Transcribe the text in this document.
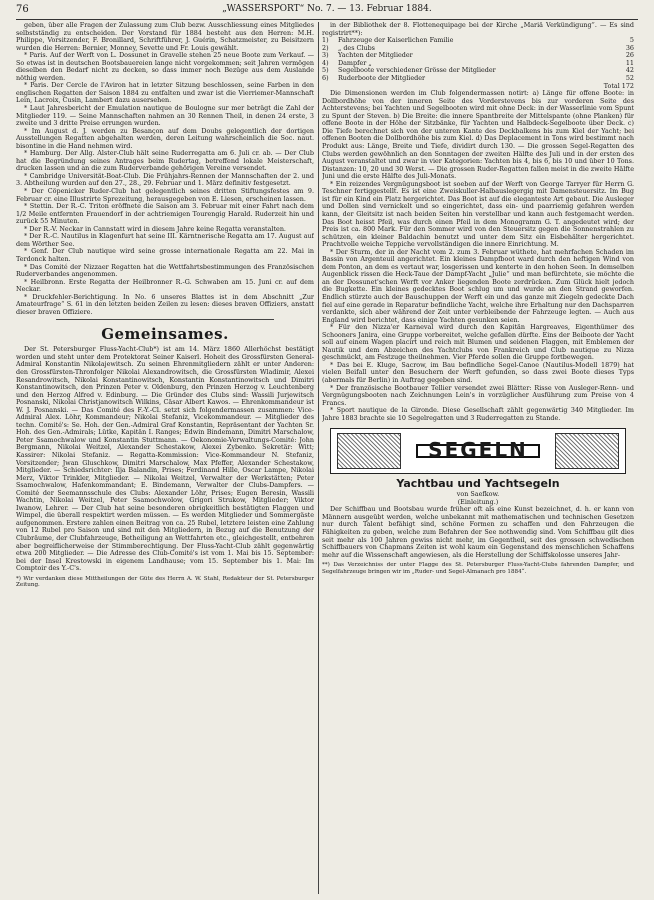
76	„WASSERSPORT“ No. 7. — 13. Februar 1884.

geben, über alle Fragen der Zulassung zum Club bezw. Ausschliessung eines Mitgliedes selbstständig zu entscheiden. Der Vorstand für 1884 besteht aus den Herren: M.H. Philippe, Vorsitzender, F. Bronillard, Schriftführer, J. Guérin, Schatzmeister, zu Beisitzern wurden die Herren: Bernier, Monney, Sevette und Fr. Louis gewählt.

* Paris. Auf der Werft von L. Dossunet in Gravelle stehen 25 neue Boote zum Verkauf. — So etwas ist in deutschen Bootsbauereien lange nicht vorgekommen; seit Jahren vermögen dieselben den Bedarf nicht zu decken, so dass immer noch Bezüge aus dem Auslande nöthig werden.

* Paris. Der Cercle de l'Aviron hat in letzter Sitzung beschlossen, seine Farben in den englischen Regatten der Saison 1884 zu entfalten und zwar ist die Vierriemer-Mannschaft Lein, Lacroix, Cusin, Lambert dazu ausersehen.

* Laut Jahresbericht der Emulation nautique de Boulogne sur mer beträgt die Zahl der Mitglieder 119. — Seine Mannschaften nahmen an 30 Rennen Theil, in denen 24 erste, 3 zweite und 3 dritte Preise errungen wurden.

* Im August d. J. werden zu Besançon auf dem Doubs gelegentlich der dortigen Ausstellungen Regatten abgehalten werden, deren Leitung wahrscheinlich die Soc. naut. bisontine in die Hand nehmen wird.

* Hamburg. Der Allg. Alster-Club hält seine Ruderregatta am 6. Juli cr. ab. — Der Club hat die Begründung seines Antrages beim Rudertag, betreffend lokale Meisterschaft, drucken lassen und an die zum Ruderverbande gehörigen Vereine versendet.

* Cambridge Universität-Boat-Club. Die Frühjahrs-Rennen der Mannschaften der 2. und 3. Abtheilung wurden auf den 27., 28., 29. Februar und 1. März definitiv festgesetzt.

* Der Cöpenicker Ruder-Club hat gelegentlich seines dritten Stiftungsfestes am 9. Februar cr. eine Illustrirte Sprezeitung, herausgegeben von E. Liesen, erscheinen lassen.

* Stettin. Der R.-C. Triton eröffnete die Saison am 3. Februar mit einer Fahrt nach dem 1/2 Meile entfernten Frauendorf in der achtriemigen Tourengig Harald. Ruderzeit hin und zurück 55 Minuten.

* Der R.-V. Neckar in Cannstatt wird in diesem Jahre keine Regatta veranstalten.

* Der R.-C. Nautilus in Klagenfurt hat seine III. Kärntnerische Regatta am 17. August auf dem Wörther See.

* Genf. Der Club nautique wird seine grosse internationale Regatta am 22. Mai in Terdonck halten.

* Das Comité der Nizzaer Regatten hat die Wettfahrtsbestimmungen des Französischen Ruderverbandes angenommen.

* Heilbronn. Erste Regatta der Heilbronner R.-G. Schwaben am 15. Juni cr. auf dem Neckar.

* Druckfehler-Berichtigung. In No. 6 unseres Blattes ist in dem Abschnitt „Zur Amateurfrage“ S. 61 in den letzten beiden Zeilen zu lesen: dieses braven Offiziers, anstatt dieser braven Offiziere.

Gemeinsames.

Der St. Petersburger Fluss-Yacht-Club*) ist am 14. März 1860 Allerhöchst bestätigt worden und steht unter dem Protektorat Seiner Kaiserl. Hoheit des Grossfürsten General-Admiral Konstantin Nikolajewitsch. Zu seinen Ehrenmitgliedern zählt er unter Anderen: den Grossfürsten-Thronfolger Nikolai Alexandrowitsch, die Grossfürsten Wladimir, Alexei Resandrowitsch, Nikolai Konstantinowitsch, Konstantin Konstantinowitsch und Dimitri Konstantinowitsch, den Prinzen Peter v. Oldenburg, den Prinzen Herzog v. Leuchtenberg und den Herzog Alfred v. Edinburg. — Die Gründer des Clubs sind: Wassili Jurjewitsch Posnanski, Nikolai Christjanowitsch Wilkins, Cäsar Albert Kawos. — Ehrenkommandeur ist W. J. Posnanski. — Das Comité des F.-Y.-Cl. setzt sich folgendermassen zusammen: Vice-Admiral Alex. Löhr, Kommandeur; Nikolai Stefaniz, Vicekommandeur. — Mitglieder des techn. Comité's: Se. Hoh. der Gen.-Admiral Graf Konstantin, Repräsentant der Yachten Sr. Hoh. des Gen.-Admirals; Lütke, Kapitän I. Ranges; Edwin Bindemann, Dimitri Marschalow, Peter Ssamochwalow und Konstantin Stuttmann. — Oekonomie-Verwaltungs-Comité: John Bergmann, Nikolai Weitzel, Alexander Schestakow, Alexei Zybenko. Sekretär: Witt; Kassirer: Nikolai Stefaniz. — Regatta-Kommission: Vice-Kommandeur N. Stefaniz, Vorsitzender; Jwan Gluschkow, Dimitri Marschalow, Max Pfeffer, Alexander Schestakow, Mitglieder. — Schiedsrichter: Ilja Balandin, Prises; Ferdinand Hille, Oscar Lampe, Nikolai Merz, Viktor Trinkler, Mitglieder. — Nikolai Weitzel, Verwalter der Werkstätten; Peter Ssamochwalow, Hafenkommandant; E. Bindemann, Verwalter der Clubs-Dampfers. — Comité der Seemannsschule des Clubs: Alexander Löhr, Prises; Eugen Beresin, Wassili Wachtin, Nikolai Weitzel, Peter Ssamochwolow, Grigori Strukow, Mitglieder; Viktor Iwanow, Lehrer. — Der Club hat seine besonderen obrigkeitlich bestätigten Flaggen und Wimpel, die überall respektirt werden müssen. — Es werden Mitglieder und Sommergäste aufgenommen. Erstere zahlen einen Beitrag von ca. 25 Rubel, letztere leisten eine Zahlung von 12 Rubel pro Saison und sind mit den Mitgliedern, in Bezug auf die Benutzung der Clubräume, der Clubfahrzeuge, Betheiligung an Wettfahrten etc., gleichgestellt, entbehren aber begreiflicherweise der Stimmberechtigung. Der Fluss-Yacht-Club zählt gegenwärtig etwa 200 Mitglieder. — Die Adresse des Club-Comité's ist vom 1. Mai bis 15. September: bei der Insel Krestowski in eigenem Landhause; vom 15. September bis 1. Mai: Im Comptoir des Y.-C's.

*) Wir verdanken diese Mittheilungen der Güte des Herrn A. W. Stahl, Redakteur der St. Petersburger Zeitung.

in der Bibliothek der 8. Flottenequipage bei der Kirche „Mariä Verkündigung“. — Es sind registrirt**):

1)	Fahrzeuge der Kaiserlichen Familie	5
2)	„ des Clubs	36
3)	Yachten der Mitglieder	26
4)	Dampfer „	11
5)	Segelboote verschiedener Grösse der Mitglieder	42
6)	Ruderboote der Mitglieder	52
Total 172

Die Dimensionen werden im Club folgendermassen notirt: a) Länge für offene Boote: in Dollbordhöhe von der inneren Seite des Vorderstevens bis zur vorderen Seite des Achterstevens; bei Yachten und Segelbooten wird mit ohne Deck: in der Wasserlinie vom Spunt zu Spunt der Steven. b) Die Breite: die innere Spantbreite der Mittelspante (ohne Planken) für offene Boote in der Höhe der Sitzbänke, für Yachten und Halbdeck-Segelboote über Deck. c) Die Tiefe berechnet sich von der unteren Kante des Deckbalkens bis zum Kiel der Yacht; bei offenen Booten die Dollbordhöhe bis zum Kiel. d) Das Deplacement in Tons wird bestimmt nach Produkt aus: Länge, Breite und Tiefe, dividirt durch 130. — Die grossen Segel-Regatten des Clubs werden gewöhnlich an den Sonntagen der zweiten Hälfte des Juli und in der ersten des August veranstaltet und zwar in vier Kategorien: Yachten bis 4, bis 6, bis 10 und über 10 Tons. Distanzen: 10, 20 und 30 Werst. — Die grossen Ruder-Regatten fallen meist in die zweite Hälfte Juni und die erste Hälfte des Juli-Monats.

* Ein reizendes Vergnügungsboot ist soeben auf der Werft von George Tarryer für Herrn G. Teschner fertiggestellt. Es ist eine Zweiskuller-Halbauslegergig mit Damensteuersitz. Im Bug ist für ein Kind ein Platz hergerichtet. Das Boot ist auf die eleganteste Art gebaut. Die Ausleger und Dollen sind vernickelt und so eingerichtet, dass ein- und paarriemig gefahren werden kann, der Gleitsitz ist nach beiden Seiten hin verstellbar und kann auch festgemacht werden. Das Boot heisst Pfeil, was durch einen Pfeil in dem Monogramm G. T. angedeutet wird; der Preis ist ca. 800 Mark. Für den Sommer wird von den Steuersitz gegen die Sonnenstrahlen zu schützen, ein kleiner Baldachin benutzt und unter dem Sitz ein Eisbehälter hergerichtet. Prachtvolle weiche Teppiche vervollständigen die innere Einrichtung. M.

* Der Sturm, der in der Nacht vom 2. zum 3. Februar wüthete, hat mehrfachen Schaden im Bassin von Argenteuil angerichtet. Ein kleines Dampfboot ward durch den heftigen Wind von dem Ponton, an dem es vertaut war, losgerissen und kenterte in den hohen Seen. In demselben Augenblick rissen die Heck-Taue der Dampf-Yacht „Julie“ und man befürchtete, sie möchte die an der Dossunet'schen Werft vor Anker liegenden Boote zerdrücken. Zum Glück hielt jedoch die Bugkette. Ein kleines gedecktes Boot schlug um und wurde an den Strand geworfen. Endlich stürzte auch der Bauschuppen der Werft ein und das ganze mit Ziegeln gedeckte Dach fiel auf eine gerade in Reparatur befindliche Yacht, welche ihre Erhaltung nur den Dachsparren verdankte, sich aber während der Zeit unter verbleibende der Fahrzeuge legten. — Auch aus England wird berichtet, dass einige Yachten gesunken seien.

* Für den Nizza'er Karneval wird durch den Kapitän Hargreaves, Eigenthümer des Schooners Janira, eine Gruppe vorbereitet, welche gefallen dürfte. Eins der Beiboote der Yacht soll auf einem Wagen placirt und reich mit Blumen und seidenen Flaggen, mit Emblemen der Nautik und dem Abzeichen des Yachtclubs von Frankreich und Club nautique zu Nizza geschmückt, am Festzuge theilnehmen. Vier Pferde sollen die Gruppe fortbewegen.

* Das bei E. Kluge, Sacrow, im Bau befindliche Segel-Canoe (Nautilus-Modell 1879) hat vielen Beifall unter den Besuchern der Werft gefunden, so dass zwei Boote dieses Typs (abermals für Berlin) in Auftrag gegeben sind.

* Der französische Bootbauer Tellier versendet zwei Blätter: Risse von Ausleger-Renn- und Vergnügungsbooten nach Zeichnungen Lein's in vorzüglicher Ausführung zum Preise von 4 Francs.

* Sport nautique de la Gironde. Diese Gesellschaft zählt gegenwärtig 340 Mitglieder. Im Jahre 1883 brachte sie 10 Segelregatten und 3 Ruderregatten zu Stande.

SEGELN
Yachtbau und Yachtsegeln

von Saefkow.

(Einleitung.)

Der Schiffbau und Bootsbau wurde früher oft als eine Kunst bezeichnet, d. h. er kann von Männern ausgeübt werden, welche unbekannt mit mathematischen und technischen Gesetzen nur durch Talent befähigt sind, schöne Formen zu schaffen und den Fahrzeugen die Fähigkeiten zu geben, welche zum Befahren der See nothwendig sind. Vom Schiffbau gilt dies seit mehr als 100 Jahren gewiss nicht mehr, im Gegentheil, seit des grossen schwedischen Schiffbauers von Chapmans Zeiten ist wohl kaum ein Gegenstand des menschlichen Schaffens mehr auf die Wissenschaft angewiesen, als die Herstellung der Schiffskolosse unseres Jahr-

**) Das Verzeichniss der unter Flagge des St. Petersburger Fluss-Yacht-Clubs fahrenden Dampfer, und Segelfahrzeuge bringen wir im „Ruder- und Segel-Almanach pro 1884“.
